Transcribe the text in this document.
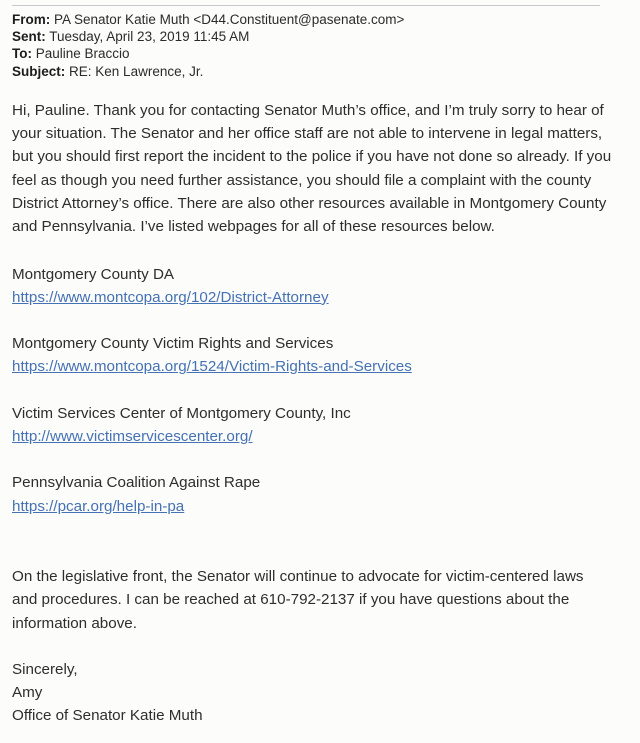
From: PA Senator Katie Muth <D44.Constituent@pasenate.com>
Sent: Tuesday, April 23, 2019 11:45 AM
To: Pauline Braccio
Subject: RE: Ken Lawrence, Jr.
Hi, Pauline. Thank you for contacting Senator Muth’s office, and I’m truly sorry to hear of your situation. The Senator and her office staff are not able to intervene in legal matters, but you should first report the incident to the police if you have not done so already. If you feel as though you need further assistance, you should file a complaint with the county District Attorney’s office. There are also other resources available in Montgomery County and Pennsylvania. I’ve listed webpages for all of these resources below.
Montgomery County DA
https://www.montcopa.org/102/District-Attorney
Montgomery County Victim Rights and Services
https://www.montcopa.org/1524/Victim-Rights-and-Services
Victim Services Center of Montgomery County, Inc
http://www.victimservicescenter.org/
Pennsylvania Coalition Against Rape
https://pcar.org/help-in-pa
On the legislative front, the Senator will continue to advocate for victim-centered laws and procedures. I can be reached at 610-792-2137 if you have questions about the information above.
Sincerely,
Amy
Office of Senator Katie Muth
